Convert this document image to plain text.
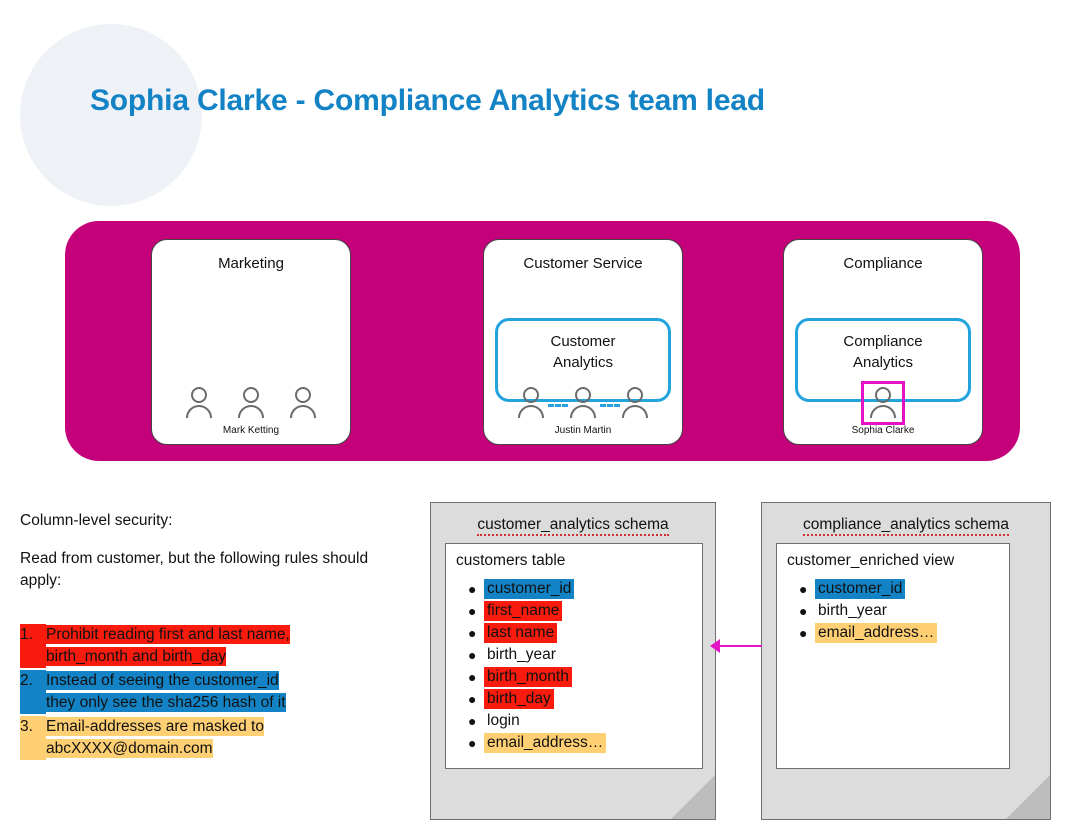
Sophia Clarke - Compliance Analytics team lead
Marketing
Mark Ketting
Customer Service
Justin Martin
Compliance
Sophia Clarke
Customer
Analytics
Compliance
Analytics
Column-level security:
Read from customer, but the following rules should apply:
1. Prohibit reading first and last name,
birth_month and birth_day
2. Instead of seeing the customer_id
they only see the sha256 hash of it
3. Email-addresses are masked to
abcXXXX@domain.com
customer_analytics schema
customers table
● customer_id
● first_name
● last name
● birth_year
● birth_month
● birth_day
● login
● email_address…
compliance_analytics schema
customer_enriched view
● customer_id
● birth_year
● email_address…
